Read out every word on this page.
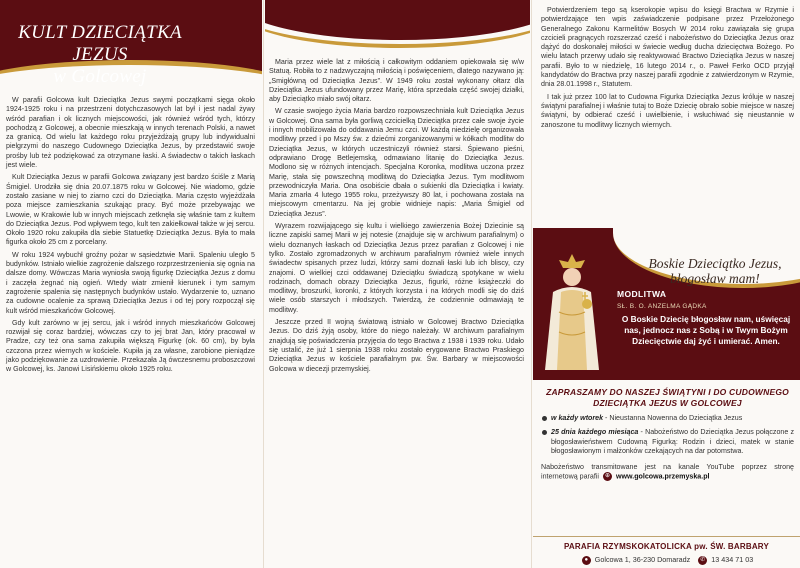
KULT DZIECIĄTKA JEZUS
w Golcowej

W parafii Golcowa kult Dzieciątka Jezus swymi początkami sięga około 1924-1925 roku i na przestrzeni dotychczasowych lat był i jest nadal żywy wśród parafian i ok licznych miejscowości, jak również wśród tych, którzy pochodzą z Golcowej, a obecnie mieszkają w innych terenach Polski, a nawet za granicą. Od wielu lat każdego roku przyjeżdżają grupy lub indywidualni pielgrzymi do naszego Cudownego Dzieciątka Jezus, by przedstawić swoje prośby lub też podziękować za otrzymane łaski. A świadectw o takich łaskach jest wiele.

Kult Dzieciątka Jezus w parafii Golcowa związany jest bardzo ściśle z Marią Śmigiel. Urodziła się dnia 20.07.1875 roku w Golcowej. Nie wiadomo, gdzie zostało zasiane w niej to ziarno czci do Dzieciątka. Maria często wyjeżdżała poza miejsce zamieszkania szukając pracy. Być może przebywając we Lwowie, w Krakowie lub w innych miejscach zetknęła się właśnie tam z kultem do Dzieciątka Jezus. Pod wpływem tego, kult ten zakiełkował także w jej sercu. Około 1920 roku zakupiła dla siebie Statuetkę Dzieciątka Jezus. Była to mała figurka około 25 cm z porcelany.

W roku 1924 wybuchł groźny pożar w sąsiedztwie Marii. Spaleniu uległo 5 budynków. Istniało wielkie zagrożenie dalszego rozprzestrzenienia się ognia na dalsze domy. Wówczas Maria wyniosła swoją figurkę Dzieciątka Jezus z domu i zaczęła żegnać nią ogień. Wtedy wiatr zmienił kierunek i tym samym zagrożenie spalenia się następnych budynków ustało. Wydarzenie to, uznano za cudowne ocalenie za sprawą Dzieciątka Jezus i od tej pory rozpoczął się kult wśród mieszkańców Golcowej.

Gdy kult zarówno w jej sercu, jak i wśród innych mieszkańców Golcowej rozwijał się coraz bardziej, wówczas czy to jej brat Jan, który pracował w Pradze, czy też ona sama zakupiła większą Figurkę (ok. 60 cm), by była czczona przez wiernych w kościele. Kupiła ją za własne, zarobione pieniądze jako podziękowanie za uzdrowienie. Przekazała Ją ówczesnemu proboszczowi w Golcowej, ks. Janowi Lisińskiemu około 1925 roku.

Maria przez wiele lat z miłością i całkowitym oddaniem opiekowała się w/w Statuą. Robiła to z nadzwyczajną miłością i poświęceniem, dlatego nazywano ją: „Smigłówną od Dzieciątka Jezus”. W 1949 roku został wykonany ołtarz dla Dzieciątka Jezus ufundowany przez Marię, która sprzedała część swojej działki, aby Dzieciątko miało swój ołtarz.

W czasie swojego życia Maria bardzo rozpowszechniała kult Dzieciątka Jezus w Golcowej. Ona sama była gorliwą czcicielką Dzieciątka przez całe swoje życie i innych mobilizowała do oddawania Jemu czci. W każdą niedzielę organizowała modlitwy przed i po Mszy św. z dziećmi zorganizowanymi w kółkach modlitw do Dzieciątka Jezus, w których uczestniczyli również starsi. Śpiewano pieśni, odprawiano Drogę Betlejemską, odmawiano litanię do Dzieciątka Jezus. Modlono się w różnych intencjach. Specjalna Koronka, modlitwa uczona przez Marię, stała się powszechną modlitwą do Dzieciątka Jezus. Tym modlitwom przewodniczyła Maria. Ona osobiście dbała o sukienki dla Dzieciątka i kwiaty. Maria zmarła 4 lutego 1955 roku, przeżywszy 80 lat, i pochowana została na miejscowym cmentarzu. Na jej grobie widnieje napis: „Maria Śmigiel od Dzieciątka Jezus”.

Wyrazem rozwijającego się kultu i wielkiego zawierzenia Bożej Dziecinie są liczne zapiski samej Marii w jej notesie (znajduje się w archiwum parafialnym) o wielu doznanych łaskach od Dzieciątka Jezus przez parafian z Golcowej i nie tylko. Zostało zgromadzonych w archiwum parafialnym również wiele innych świadectw spisanych przez ludzi, którzy sami doznali łaski lub ich bliscy, czy znajomi. O wielkiej czci oddawanej Dzieciątku świadczą spotykane w wielu rodzinach, domach obrazy Dzieciątka Jezus, figurki, różne książeczki do modlitwy, broszurki, koronki, z których korzysta i na których modli się do dziś wiele osób starszych i młodszych. Twierdzą, że codziennie odmawiają te modlitwy.

Jeszcze przed II wojną światową istniało w Golcowej Bractwo Dzieciątka Jezus. Do dziś żyją osoby, które do niego należały. W archiwum parafialnym znajdują się poświadczenia przyjęcia do tego Bractwa z 1938 i 1939 roku. Udało się ustalić, że już 1 sierpnia 1938 roku zostało erygowane Bractwo Praskiego Dzieciątka Jezus w kościele parafialnym pw. Św. Barbary w miejscowości Golcowa w diecezji przemyskiej.

Potwierdzeniem tego są kserokopie wpisu do księgi Bractwa w Rzymie i potwierdzające ten wpis zaświadczenie podpisane przez Przełożonego Generalnego Zakonu Karmelitów Bosych W 2014 roku zawiązała się grupa czcicieli pragnących rozszerzać cześć i nabożeństwo do Dzieciątka Jezus oraz dążyć do doskonałej miłości w świecie według ducha dziecięctwa Bożego. Po wielu latach przerwy udało się reaktywować Bractwo Dzieciątka Jezus w naszej parafii. Było to w niedzielę, 16 lutego 2014 r., o. Paweł Ferko OCD przyjął kandydatów do Bractwa przy naszej parafii zgodnie z zatwierdzonym w Rzymie, dnia 28.01.1998 r., Statutem.

I tak już przez 100 lat to Cudowna Figurka Dzieciątka Jezus króluje w naszej świątyni parafialnej i właśnie tutaj to Boże Dziecię obrało sobie miejsce w naszej świątyni, by odbierać cześć i uwielbienie, i wsłuchiwać się nieustannie w zanoszone tu modlitwy licznych wiernych.

Boskie Dzieciątko Jezus, błogosław mam!
MODLITWA
SŁ. B. O. ANZELMA GĄDKA
O Boskie Dziecię błogosław nam, uświęcaj nas, jednocz nas z Sobą i w Twym Bożym Dziecięctwie daj żyć i umierać. Amen.
ZAPRASZAMY DO NASZEJ ŚWIĄTYNI I DO CUDOWNEGO DZIECIĄTKA JEZUS W GOLCOWEJ
w każdy wtorek - Nieustanna Nowenna do Dzieciątka Jezus
25 dnia każdego miesiąca - Nabożeństwo do Dzieciątka Jezus połączone z błogosławieństwem Cudowną Figurką: Rodzin i dzieci, matek w stanie błogosławionym i małżonków czekających na dar potomstwa.
Nabożeństwo transmitowane jest na kanale YouTube poprzez stronę internetową parafii ⊕ www.golcowa.przemyska.pl
PARAFIA RZYMSKOKATOLICKA pw. ŚW. BARBARY
● Golcowa 1, 36-230 Domaradz ✆ 13 434 71 03
